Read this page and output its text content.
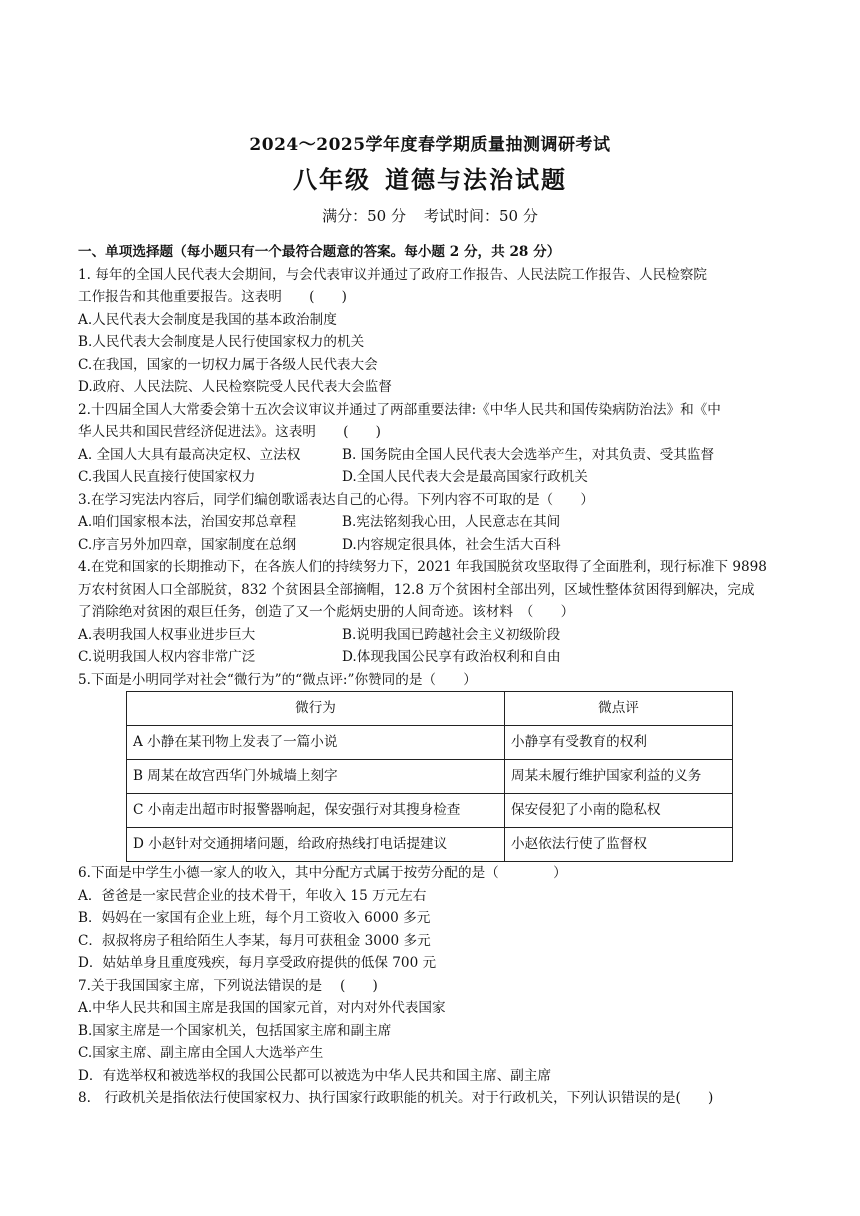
2024～2025学年度春学期质量抽测调研考试
八年级 道德与法治试题
满分：50 分 考试时间：50 分
一、单项选择题（每小题只有一个最符合题意的答案。每小题 2 分，共 28 分）
1. 每年的全国人民代表大会期间，与会代表审议并通过了政府工作报告、人民法院工作报告、人民检察院
工作报告和其他重要报告。这表明　　(　　)
A.人民代表大会制度是我国的基本政治制度
B.人民代表大会制度是人民行使国家权力的机关
C.在我国，国家的一切权力属于各级人民代表大会
D.政府、人民法院、人民检察院受人民代表大会监督
2.十四届全国人大常委会第十五次会议审议并通过了两部重要法律:《中华人民共和国传染病防治法》和《中
华人民共和国民营经济促进法》。这表明　　(　　)
A. 全国人大具有最高决定权、立法权	B. 国务院由全国人民代表大会选举产生，对其负责、受其监督
C.我国人民直接行使国家权力	D.全国人民代表大会是最高国家行政机关
3.在学习宪法内容后，同学们编创歌谣表达自己的心得。下列内容不可取的是（　　）
A.咱们国家根本法，治国安邦总章程	B.宪法铭刻我心田，人民意志在其间
C.序言另外加四章，国家制度在总纲	D.内容规定很具体，社会生活大百科
4.在党和国家的长期推动下，在各族人们的持续努力下，2021 年我国脱贫攻坚取得了全面胜利，现行标准下 9898
万农村贫困人口全部脱贫，832 个贫困县全部摘帽，12.8 万个贫困村全部出列，区域性整体贫困得到解决，完成
了消除绝对贫困的艰巨任务，创造了又一个彪炳史册的人间奇迹。该材料　（　　）
A.表明我国人权事业进步巨大	B.说明我国已跨越社会主义初级阶段
C.说明我国人权内容非常广泛	D.体现我国公民享有政治权利和自由
5.下面是小明同学对社会“微行为”的“微点评:”你赞同的是（　　）
微行为	微点评
A 小静在某刊物上发表了一篇小说	小静享有受教育的权利
B 周某在故宫西华门外城墙上刻字	周某未履行维护国家利益的义务
C 小南走出超市时报警器响起，保安强行对其搜身检查	保安侵犯了小南的隐私权
D 小赵针对交通拥堵问题，给政府热线打电话提建议	小赵依法行使了监督权
6.下面是中学生小德一家人的收入，其中分配方式属于按劳分配的是（　　　　）
A．爸爸是一家民营企业的技术骨干，年收入 15 万元左右
B．妈妈在一家国有企业上班，每个月工资收入 6000 多元
C．叔叔将房子租给陌生人李某，每月可获租金 3000 多元
D．姑姑单身且重度残疾，每月享受政府提供的低保 700 元
7.关于我国国家主席，下列说法错误的是　 (　　)
A.中华人民共和国主席是我国的国家元首，对内对外代表国家
B.国家主席是一个国家机关，包括国家主席和副主席
C.国家主席、副主席由全国人大选举产生
D．有选举权和被选举权的我国公民都可以被选为中华人民共和国主席、副主席
8.　行政机关是指依法行使国家权力、执行国家行政职能的机关。对于行政机关，下列认识错误的是(　　)
